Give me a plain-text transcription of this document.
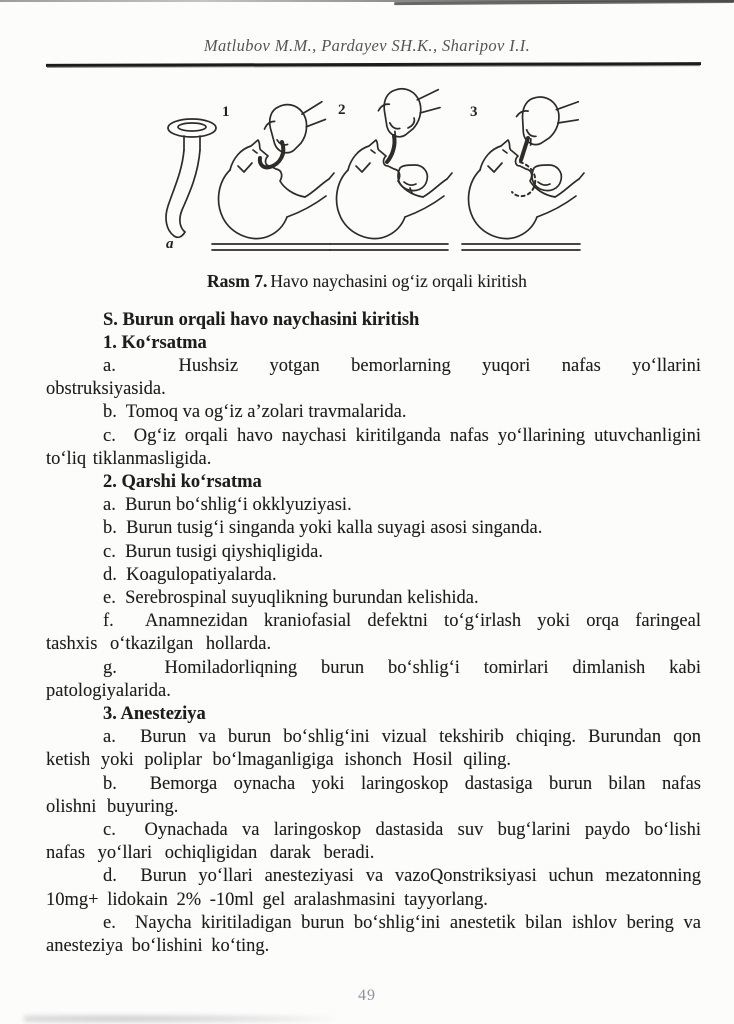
Matlubov M.M., Pardayev SH.K., Sharipov I.I.
a
1	2	3
Rasm 7. Havo naychasini og‘iz orqali kiritish

S. Burun orqali havo naychasini kiritish

1. Ko‘rsatma

a.  Hushsiz yotgan bemorlarning yuqori nafas yo‘llarini obstruksiyasida.

b.  Tomoq va og‘iz a’zolari travmalarida.

c.  Og‘iz orqali havo naychasi kiritilganda nafas yo‘llarining utuvchanligini to‘liq tiklanmasligida.

2. Qarshi ko‘rsatma

a.  Burun bo‘shlig‘i okklyuziyasi.

b.  Burun tusig‘i singanda yoki kalla suyagi asosi singanda.

c.  Burun tusigi qiyshiqligida.

d.  Koagulopatiyalarda.

e.  Serebrospinal suyuqlikning burundan kelishida.

f.  Anamnezidan kraniofasial defektni to‘g‘irlash yoki orqa faringeal tashxis o‘tkazilgan hollarda.

g.  Homiladorliqning burun bo‘shlig‘i tomirlari dimlanish kabi patologiyalarida.

3. Anesteziya

a.  Burun va burun bo‘shlig‘ini vizual tekshirib chiqing. Burundan qon ketish yoki poliplar bo‘lmaganligiga ishonch Hosil qiling.

b.  Bemorga oynacha yoki laringoskop dastasiga burun bilan nafas olishni buyuring.

c.  Oynachada va laringoskop dastasida suv bug‘larini paydo bo‘lishi nafas yo‘llari ochiqligidan darak beradi.

d.  Burun yo‘llari anesteziyasi va vazoQonstriksiyasi uchun mezatonning 10mg+ lidokain 2% -10ml gel aralashmasini tayyorlang.

e.  Naycha kiritiladigan burun bo‘shlig‘ini anestetik bilan ishlov bering va anesteziya bo‘lishini ko‘ting.

49
